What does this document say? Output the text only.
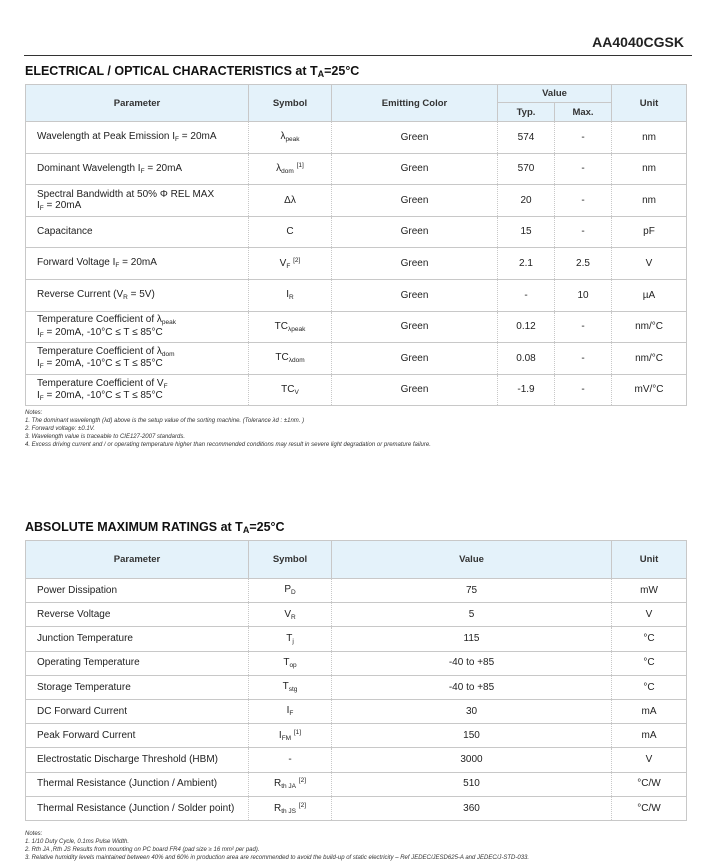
AA4040CGSK
ELECTRICAL / OPTICAL CHARACTERISTICS at $T_A=25^\circ C$
Parameter	Symbol	Emitting Color	Value		Unit
			Typ.	Max.	
Wavelength at Peak Emission $I_F = 20mA$	$\lambda_{peak}$	Green	574	-	nm
Dominant Wavelength $I_F = 20mA$	$\lambda_{dom}$ [1]	Green	570	-	nm
Spectral Bandwidth at 50% Φ REL MAX
$I_F = 20mA$	Δλ	Green	20	-	nm
Capacitance	C	Green	15	-	pF
Forward Voltage $I_F = 20mA$	$V_F$ [2]	Green	2.1	2.5	V
Reverse Current $(V_R = 5V)$	$I_R$	Green	-	10	µA
Temperature Coefficient of $\lambda_{peak}$
$I_F = 20mA$, -10°C ≤ T ≤ 85°C	$TC_{\lambda peak}$	Green	0.12	-	nm/°C
Temperature Coefficient of $\lambda_{dom}$
$I_F = 20mA$, -10°C ≤ T ≤ 85°C	$TC_{\lambda dom}$	Green	0.08	-	nm/°C
Temperature Coefficient of $V_F$
$I_F = 20mA$, -10°C ≤ T ≤ 85°C	$TC_V$	Green	-1.9	-	mV/°C
Notes:
1. The dominant wavelength (λd) above is the setup value of the sorting machine. (Tolerance λd : ±1nm. )
2. Forward voltage: ±0.1V.
3. Wavelength value is traceable to CIE127-2007 standards.
4. Excess driving current and / or operating temperature higher than recommended conditions may result in severe light degradation or premature failure.
ABSOLUTE MAXIMUM RATINGS at $T_A=25^\circ C$
Parameter	Symbol	Value	Unit
Power Dissipation	$P_D$	75	mW
Reverse Voltage	$V_R$	5	V
Junction Temperature	$T_j$	115	°C
Operating Temperature	$T_{op}$	-40 to +85	°C
Storage Temperature	$T_{stg}$	-40 to +85	°C
DC Forward Current	$I_F$	30	mA
Peak Forward Current	$I_{FM}$ [1]	150	mA
Electrostatic Discharge Threshold (HBM)	-	3000	V
Thermal Resistance (Junction / Ambient)	$R_{th JA}$ [2]	510	°C/W
Thermal Resistance (Junction / Solder point)	$R_{th JS}$ [2]	360	°C/W
Notes:
1. 1/10 Duty Cycle, 0.1ms Pulse Width.
2. Rth JA ,Rth JS Results from mounting on PC board FR4 (pad size ≥ 16 mm² per pad).
3. Relative humidity levels maintained between 40% and 60% in production area are recommended to avoid the build-up of static electricity – Ref JEDEC/JESD625-A and JEDEC/J-STD-033.
